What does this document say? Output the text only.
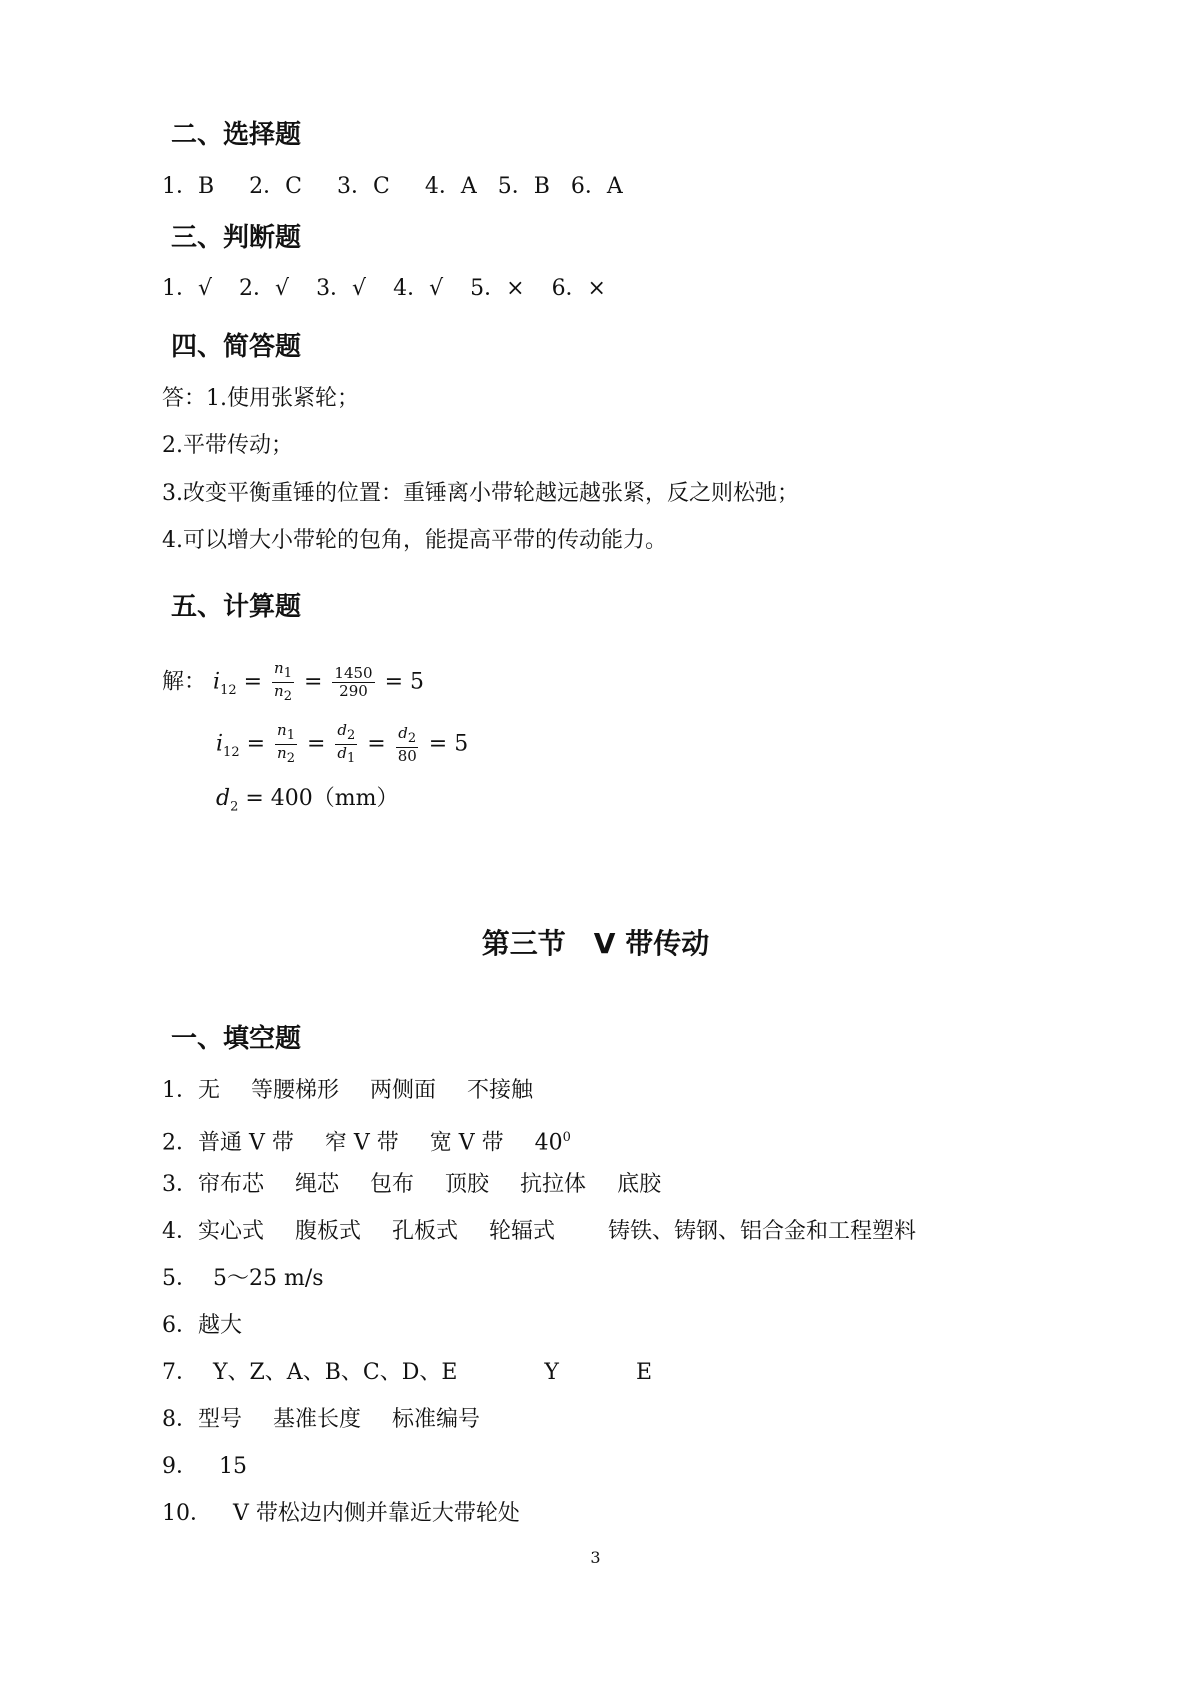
二、选择题
1．B 2．C 3．C 4．A 5．B 6．A
三、判断题
1．√ 2．√ 3．√ 4．√ 5．× 6．×
四、简答题
答：1.使用张紧轮；
2.平带传动；
3.改变平衡重锤的位置：重锤离小带轮越远越张紧，反之则松弛；
4.可以增大小带轮的包角，能提高平带的传动能力。
五、计算题
解： $i_{12} = \frac{n_1}{n_2} = \frac{1450}{290} = 5$
$i_{12} = \frac{n_1}{n_2} = \frac{d_2}{d_1} = \frac{d_2}{80} = 5$
$d_2 = 400(mm)$
第三节　V 带传动
一、填空题
1．无 等腰梯形 两侧面 不接触
2．普通 V 带 窄 V 带 宽 V 带 $40^0$
3．帘布芯 绳芯 包布 顶胶 抗拉体 底胶
4．实心式 腹板式 孔板式 轮辐式 铸铁、铸钢、铝合金和工程塑料
5． 5～25 m/s
6．越大
7． Y、Z、A、B、C、D、E	Y	E
8．型号 基准长度 标准编号
9． 15
10． V 带松边内侧并靠近大带轮处
3
